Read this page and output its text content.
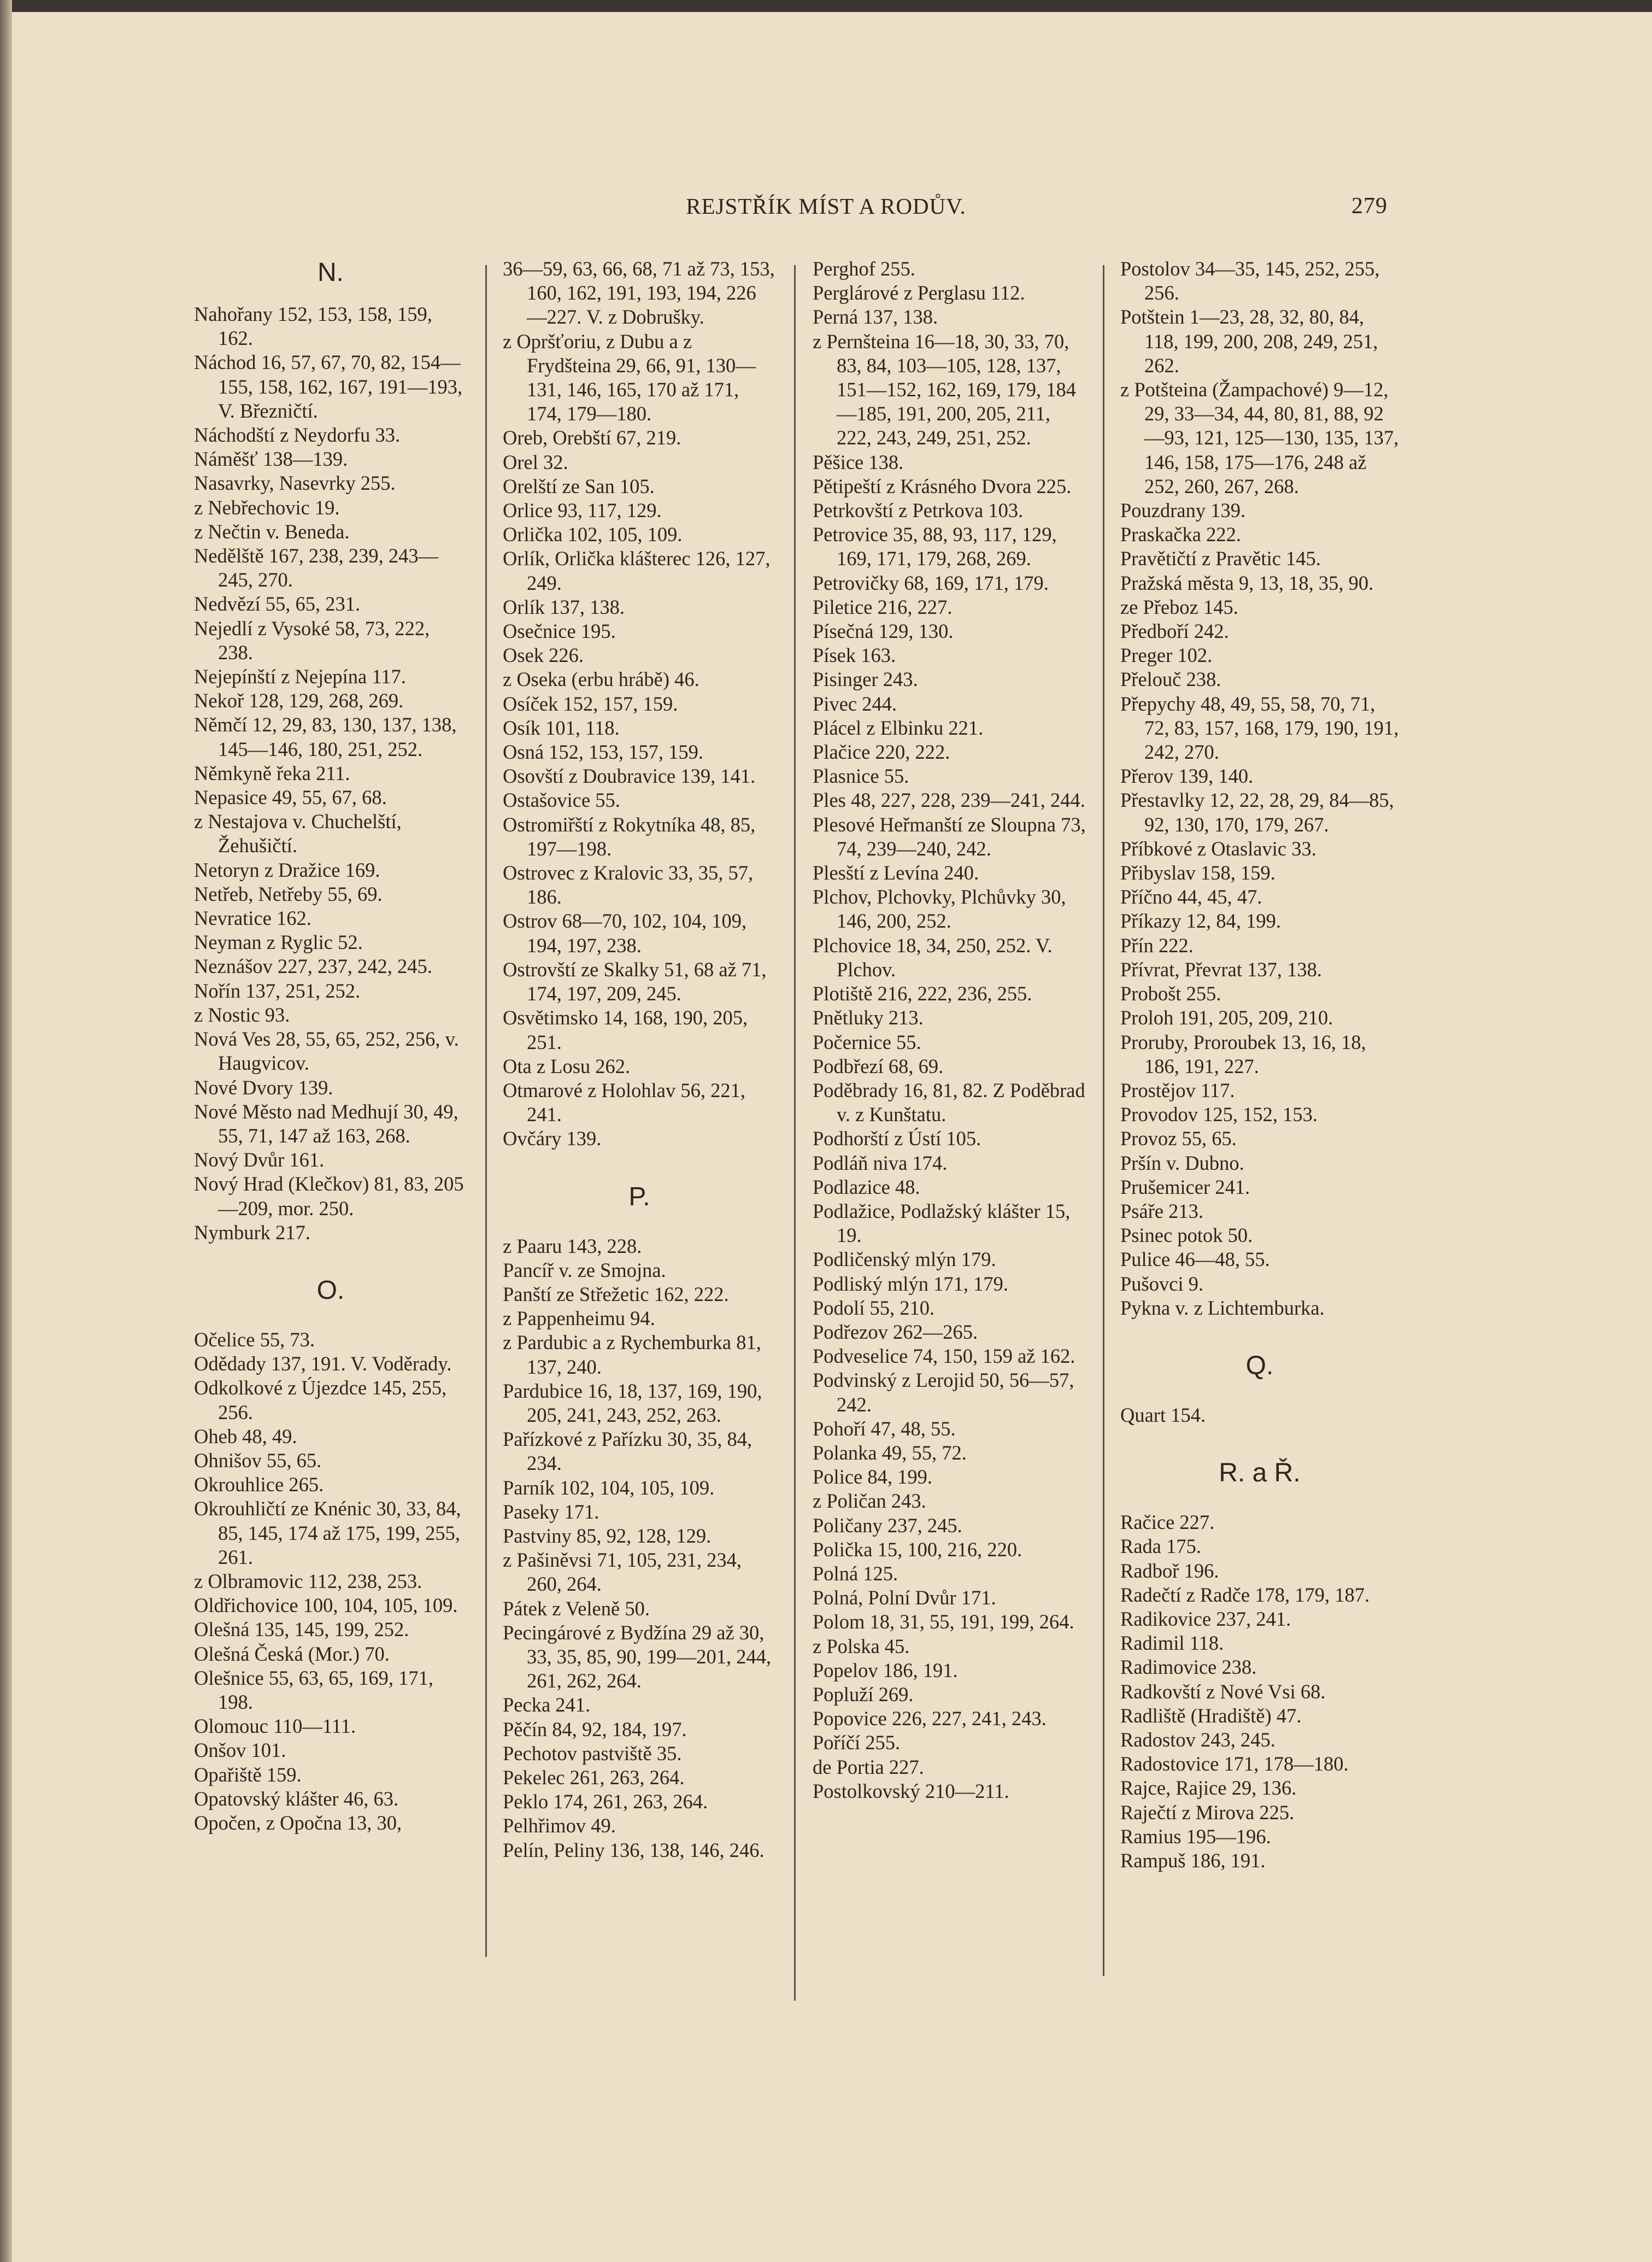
REJSTŘÍK MÍST A RODŮV.	279
N.

Nahořany 152, 153, 158, 159, 162.

Náchod 16, 57, 67, 70, 82, 154—155, 158, 162, 167, 191—193, V. Březničtí.

Náchodští z Neydorfu 33.

Náměšť 138—139.

Nasavrky, Nasevrky 255.

z Nebřechovic 19.

z Nečtin v. Beneda.

Nedělště 167, 238, 239, 243—245, 270.

Nedvězí 55, 65, 231.

Nejedlí z Vysoké 58, 73, 222, 238.

Nejepínští z Nejepína 117.

Nekoř 128, 129, 268, 269.

Němčí 12, 29, 83, 130, 137, 138, 145—146, 180, 251, 252.

Němkyně řeka 211.

Nepasice 49, 55, 67, 68.

z Nestajova v. Chuchelští, Žehušičtí.

Netoryn z Dražice 169.

Netřeb, Netřeby 55, 69.

Nevratice 162.

Neyman z Ryglic 52.

Neznášov 227, 237, 242, 245.

Nořín 137, 251, 252.

z Nostic 93.

Nová Ves 28, 55, 65, 252, 256, v. Haugvicov.

Nové Dvory 139.

Nové Město nad Medhují 30, 49, 55, 71, 147 až 163, 268.

Nový Dvůr 161.

Nový Hrad (Klečkov) 81, 83, 205—209, mor. 250.

Nymburk 217.

O.

Očelice 55, 73.

Odědady 137, 191. V. Voděrady.

Odkolkové z Újezdce 145, 255, 256.

Oheb 48, 49.

Ohnišov 55, 65.

Okrouhlice 265.

Okrouhličtí ze Knénic 30, 33, 84, 85, 145, 174 až 175, 199, 255, 261.

z Olbramovic 112, 238, 253.

Oldřichovice 100, 104, 105, 109.

Olešná 135, 145, 199, 252.

Olešná Česká (Mor.) 70.

Olešnice 55, 63, 65, 169, 171, 198.

Olomouc 110—111.

Onšov 101.

Opařiště 159.

Opatovský klášter 46, 63.

Opočen, z Opočna 13, 30,

36—59, 63, 66, 68, 71 až 73, 153, 160, 162, 191, 193, 194, 226—227. V. z Dobrušky.

z Opršťoriu, z Dubu a z Frydšteina 29, 66, 91, 130—131, 146, 165, 170 až 171, 174, 179—180.

Oreb, Orebští 67, 219.

Orel 32.

Orelští ze San 105.

Orlice 93, 117, 129.

Orlička 102, 105, 109.

Orlík, Orlička klášterec 126, 127, 249.

Orlík 137, 138.

Osečnice 195.

Osek 226.

z Oseka (erbu hrábě) 46.

Osíček 152, 157, 159.

Osík 101, 118.

Osná 152, 153, 157, 159.

Osovští z Doubravice 139, 141.

Ostašovice 55.

Ostromiřští z Rokytníka 48, 85, 197—198.

Ostrovec z Kralovic 33, 35, 57, 186.

Ostrov 68—70, 102, 104, 109, 194, 197, 238.

Ostrovští ze Skalky 51, 68 až 71, 174, 197, 209, 245.

Osvětimsko 14, 168, 190, 205, 251.

Ota z Losu 262.

Otmarové z Holohlav 56, 221, 241.

Ovčáry 139.

P.

z Paaru 143, 228.

Pancíř v. ze Smojna.

Panští ze Střežetic 162, 222.

z Pappenheimu 94.

z Pardubic a z Rychemburka 81, 137, 240.

Pardubice 16, 18, 137, 169, 190, 205, 241, 243, 252, 263.

Pařízkové z Pařízku 30, 35, 84, 234.

Parník 102, 104, 105, 109.

Paseky 171.

Pastviny 85, 92, 128, 129.

z Pašiněvsi 71, 105, 231, 234, 260, 264.

Pátek z Veleně 50.

Pecingárové z Bydžína 29 až 30, 33, 35, 85, 90, 199—201, 244, 261, 262, 264.

Pecka 241.

Pěčín 84, 92, 184, 197.

Pechotov pastviště 35.

Pekelec 261, 263, 264.

Peklo 174, 261, 263, 264.

Pelhřimov 49.

Pelín, Peliny 136, 138, 146, 246.

Perghof 255.

Perglárové z Perglasu 112.

Perná 137, 138.

z Pernšteina 16—18, 30, 33, 70, 83, 84, 103—105, 128, 137, 151—152, 162, 169, 179, 184—185, 191, 200, 205, 211, 222, 243, 249, 251, 252.

Pěšice 138.

Pětipeští z Krásného Dvora 225.

Petrkovští z Petrkova 103.

Petrovice 35, 88, 93, 117, 129, 169, 171, 179, 268, 269.

Petrovičky 68, 169, 171, 179.

Piletice 216, 227.

Písečná 129, 130.

Písek 163.

Pisinger 243.

Pivec 244.

Plácel z Elbinku 221.

Plačice 220, 222.

Plasnice 55.

Ples 48, 227, 228, 239—241, 244.

Plesové Heřmanští ze Sloupna 73, 74, 239—240, 242.

Plesští z Levína 240.

Plchov, Plchovky, Plchůvky 30, 146, 200, 252.

Plchovice 18, 34, 250, 252. V. Plchov.

Plotiště 216, 222, 236, 255.

Pnětluky 213.

Počernice 55.

Podbřezí 68, 69.

Poděbrady 16, 81, 82. Z Poděbrad v. z Kunštatu.

Podhorští z Ústí 105.

Podláň niva 174.

Podlazice 48.

Podlažice, Podlažský klášter 15, 19.

Podličenský mlýn 179.

Podliský mlýn 171, 179.

Podolí 55, 210.

Podřezov 262—265.

Podveselice 74, 150, 159 až 162.

Podvinský z Lerojid 50, 56—57, 242.

Pohoří 47, 48, 55.

Polanka 49, 55, 72.

Police 84, 199.

z Poličan 243.

Poličany 237, 245.

Polička 15, 100, 216, 220.

Polná 125.

Polná, Polní Dvůr 171.

Polom 18, 31, 55, 191, 199, 264.

z Polska 45.

Popelov 186, 191.

Popluží 269.

Popovice 226, 227, 241, 243.

Poříčí 255.

de Portia 227.

Postolkovský 210—211.

Postolov 34—35, 145, 252, 255, 256.

Potštein 1—23, 28, 32, 80, 84, 118, 199, 200, 208, 249, 251, 262.

z Potšteina (Žampachové) 9—12, 29, 33—34, 44, 80, 81, 88, 92—93, 121, 125—130, 135, 137, 146, 158, 175—176, 248 až 252, 260, 267, 268.

Pouzdrany 139.

Praskačka 222.

Pravětičtí z Pravětic 145.

Pražská města 9, 13, 18, 35, 90.

ze Přeboz 145.

Předboří 242.

Preger 102.

Přelouč 238.

Přepychy 48, 49, 55, 58, 70, 71, 72, 83, 157, 168, 179, 190, 191, 242, 270.

Přerov 139, 140.

Přestavlky 12, 22, 28, 29, 84—85, 92, 130, 170, 179, 267.

Příbkové z Otaslavic 33.

Přibyslav 158, 159.

Příčno 44, 45, 47.

Příkazy 12, 84, 199.

Přín 222.

Přívrat, Převrat 137, 138.

Probošt 255.

Proloh 191, 205, 209, 210.

Proruby, Proroubek 13, 16, 18, 186, 191, 227.

Prostějov 117.

Provodov 125, 152, 153.

Provoz 55, 65.

Pršín v. Dubno.

Prušemicer 241.

Psáře 213.

Psinec potok 50.

Pulice 46—48, 55.

Pušovci 9.

Pykna v. z Lichtemburka.

Q.

Quart 154.

R. a Ř.

Račice 227.

Rada 175.

Radboř 196.

Radečtí z Radče 178, 179, 187.

Radikovice 237, 241.

Radimil 118.

Radimovice 238.

Radkovští z Nové Vsi 68.

Radliště (Hradiště) 47.

Radostov 243, 245.

Radostovice 171, 178—180.

Rajce, Rajice 29, 136.

Raječtí z Mirova 225.

Ramius 195—196.

Rampuš 186, 191.
